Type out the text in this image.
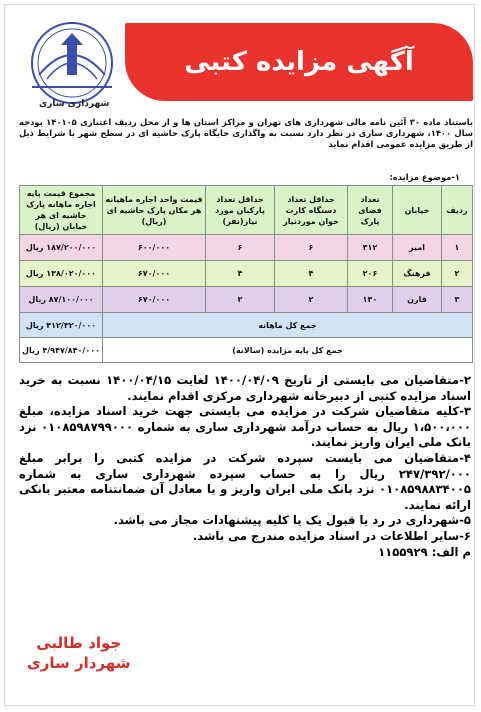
شهرداری ساری
آگهی مزایده کتبی
باستناد ماده ۳۰ آئین نامه مالی شهرداری های تهران و مراکز استان ها و از محل ردیف اعتباری ۱۴۰۱۰۵ بودجه سال ۱۴۰۰، شهرداری ساری در نظر دارد نسبت به واگذاری جایگاه پارک حاشیه ای در سطح شهر با شرایط ذیل از طریق مزایده عمومی اقدام نماید
۱-موضوع مزایده:
ردیف	خیابان	تعداد فضای پارک	حداقل تعداد دستگاه کارت خوان موردنیاز	حداقل تعداد پارکبان مورد نیاز(نفر)	قیمت واحد اجاره ماهیانه هر مکان پارک حاشیه ای (ریال)	مجموع قیمت پایه اجاره ماهانه پارک حاشیه ای هر خیابان (ریال)
۱	امیر	۳۱۲	۶	۶	۶۰۰/۰۰۰	۱۸۷/۲۰۰/۰۰۰ ریال
۲	فرهنگ	۲۰۶	۴	۴	۶۷۰/۰۰۰	۱۳۸/۰۲۰/۰۰۰ ریال
۳	قارن	۱۳۰	۲	۲	۶۷۰/۰۰۰	۸۷/۱۰۰/۰۰۰ ریال
جمع کل ماهانه						۴۱۲/۳۲۰/۰۰۰ ریال
جمع کل پایه مزایده (سالانه)						۴/۹۴۷/۸۴۰/۰۰۰ ریال

۲-متقاضیان می بایستی از تاریخ ۱۴۰۰/۰۴/۰۹ لغایت ۱۴۰۰/۰۴/۱۵ نسبت به خرید اسناد مزایده کتبی از دبیرخانه شهرداری مرکزی اقدام نمایند.

۳-کلیه متقاضیان شرکت در مزایده می بایستی جهت خرید اسناد مزایده، مبلغ ۱،۵۰۰،۰۰۰ ریال به حساب درآمد شهرداری ساری به شماره ۰۱۰۸۵۹۸۷۹۹۰۰۰ نزد بانک ملی ایران واریز نمایند.

۴-متقاضیان می بایست سپرده شرکت در مزایده کتبی را برابر مبلغ ۲۴۷/۳۹۲/۰۰۰ ریال را به حساب سپرده شهرداری ساری به شماره ۰۱۰۸۵۹۸۸۳۴۰۰۵ نزد بانک ملی ایران واریز و یا معادل آن ضمانتنامه معتبر بانکی ارائه نمایند.

۵-شهرداری در رد یا قبول یک یا کلیه پیشنهادات مجاز می باشد.

۶-سایر اطلاعات در اسناد مزایده مندرج می باشد.

م الف: ۱۱۵۵۹۲۹

جواد طالبی
شهردار ساری
